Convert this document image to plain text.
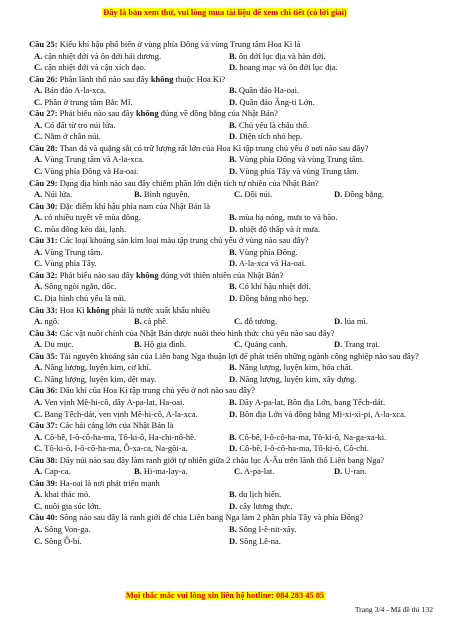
Đây là bản xem thử, vui lòng mua tài liệu để xem chi tiết (có lời giải)
Câu 25: Kiểu khí hậu phổ biến ở vùng phía Đông và vùng Trung tâm Hoa Kì là
A. cận nhiệt đới và ôn đới hải dương.	B. ôn đới lục địa và hàn đới.
C. cận nhiệt đới và cận xích đạo.	D. hoang mạc và ôn đới lục địa.
Câu 26: Phần lãnh thổ nào sau đây không thuộc Hoa Kì?
A. Bán đảo A-la-xca.	B. Quần đảo Ha-oai.
C. Phần ở trung tâm Bắc Mĩ.	D. Quần đảo Ăng-ti Lớn.
Câu 27: Phát biểu nào sau đây không đúng về đồng bằng của Nhật Bản?
A. Có đất từ tro núi lửa.	B. Chủ yếu là châu thổ.
C. Nằm ở chân núi.	D. Diện tích nhỏ hẹp.
Câu 28: Than đá và quặng sắt có trữ lượng rất lớn của Hoa Kì tập trung chủ yếu ở nơi nào sau đây?
A. Vùng Trung tâm và A-la-xca.	B. Vùng phía Đông và vùng Trung tâm.
C. Vùng phía Đông và Ha-oai.	D. Vùng phía Tây và vùng Trung tâm.
Câu 29: Dạng địa hình nào sau đây chiếm phần lớn diện tích tự nhiên của Nhật Bản?
A. Núi lửa.	B. Bình nguyên.	C. Đồi núi.	D. Đồng bằng.
Câu 30: Đặc điểm khí hậu phía nam của Nhật Bản là
A. có nhiều tuyết về mùa đông.	B. mùa hạ nóng, mưa to và bão.
C. mùa đông kéo dài, lạnh.	D. nhiệt độ thấp và ít mưa.
Câu 31: Các loại khoáng sản kim loại màu tập trung chủ yếu ở vùng nào sau đây?
A. Vùng Trung tâm.	B. Vùng phía Đông.
C. Vùng phía Tây.	D. A-la-xca và Ha-oai.
Câu 32: Phát biểu nào sau đây không đúng với thiên nhiên của Nhật Bản?
A. Sông ngòi ngắn, dốc.	B. Có khí hậu nhiệt đới.
C. Địa hình chủ yếu là núi.	D. Đồng bằng nhỏ hẹp.
Câu 33: Hoa Kì không phải là nước xuất khẩu nhiều
A. ngô.	B. cà phê.	C. đỗ tương.	D. lúa mì.
Câu 34: Các vật nuôi chính của Nhật Bản được nuôi theo hình thức chủ yếu nào sau đây?
A. Du mục.	B. Hộ gia đình.	C. Quảng canh.	D. Trang trại.
Câu 35: Tài nguyên khoáng sản của Liên bang Nga thuận lợi để phát triển những ngành công nghiệp nào sau đây?
A. Năng lượng, luyện kim, cơ khí.	B. Năng lượng, luyện kim, hóa chất.
C. Năng lượng, luyện kim, dệt may.	D. Năng lượng, luyện kim, xây dựng.
Câu 36: Dầu khí của Hoa Kì tập trung chủ yếu ở nơi nào sau đây?
A. Ven vịnh Mê-hi-cô, dãy A-pa-lat, Ha-oai.	B. Dãy A-pa-lat, Bồn địa Lớn, bang Tếch-dát.
C. Bang Tếch-dát, ven vịnh Mê-hi-cô, A-la-xca.	D. Bồn địa Lớn và đồng bằng Mi-xi-xi-pi, A-la-xca.
Câu 37: Các hải cảng lớn của Nhật Bản là
A. Cô-bê, I-ô-cô-ha-ma, Tô-ki-ô, Ha-chi-nô-hê.	B. Cô-bê, I-ô-cô-ha-ma, Tô-ki-ô, Na-ga-xa-ki.
C. Tô-ki-ô, I-ô-cô-ha-ma, Ô-xa-ca, Na-gôi-a.	D. Cô-bê, I-ô-cô-ha-ma, Tô-ki-ô, Cô-chi.
Câu 38: Dãy núi nào sau đây làm ranh giới tự nhiên giữa 2 châu lục Á-Âu trên lãnh thổ Liên bang Nga?
A. Cap-ca.	B. Hi-ma-lay-a.	C. A-pa-lat.	D. U-ran.
Câu 39: Ha-oai là nơi phát triển mạnh
A. khai thác mỏ.	B. du lịch biển.
C. nuôi gia súc lớn.	D. cây lương thực.
Câu 40: Sông nào sau đây là ranh giới để chia Liên bang Nga làm 2 phần phía Tây và phía Đông?
A. Sông Von-ga.	B. Sông I-ê-nit-xây.
C. Sông Ô-bi.	D. Sông Lê-na.
Mọi thắc mắc vui lòng xin liên hệ hotline: 084 283 45 85
Trang 3/4 - Mã đề thi 132
